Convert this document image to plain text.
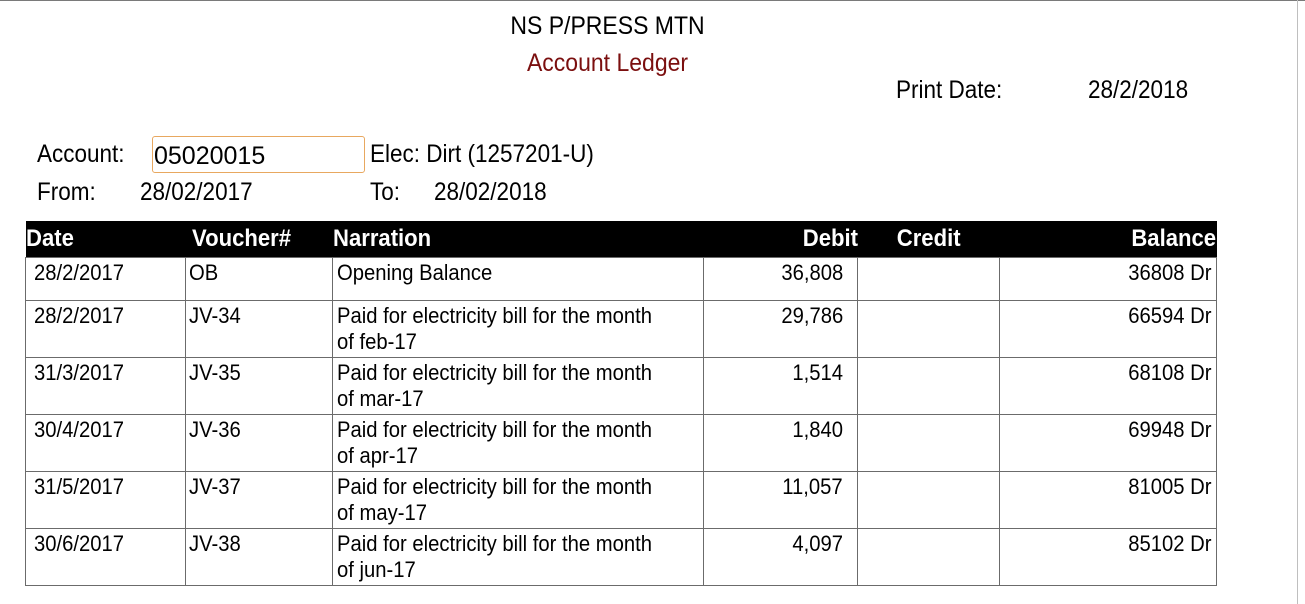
NS P/PRESS MTN
Account Ledger
Print Date:	28/2/2018
Account:
05020015	Elec: Dirt (1257201-U)
From: 28/02/2017	To: 28/02/2018
Date	Voucher#	Narration	Debit	Credit	Balance
28/2/2017	OB	Opening Balance	36,808		36808 Dr
28/2/2017	JV-34	Paid for electricity bill for the month of feb-17	29,786		66594 Dr
31/3/2017	JV-35	Paid for electricity bill for the month of mar-17	1,514		68108 Dr
30/4/2017	JV-36	Paid for electricity bill for the month of apr-17	1,840		69948 Dr
31/5/2017	JV-37	Paid for electricity bill for the month of may-17	11,057		81005 Dr
30/6/2017	JV-38	Paid for electricity bill for the month of jun-17	4,097		85102 Dr
